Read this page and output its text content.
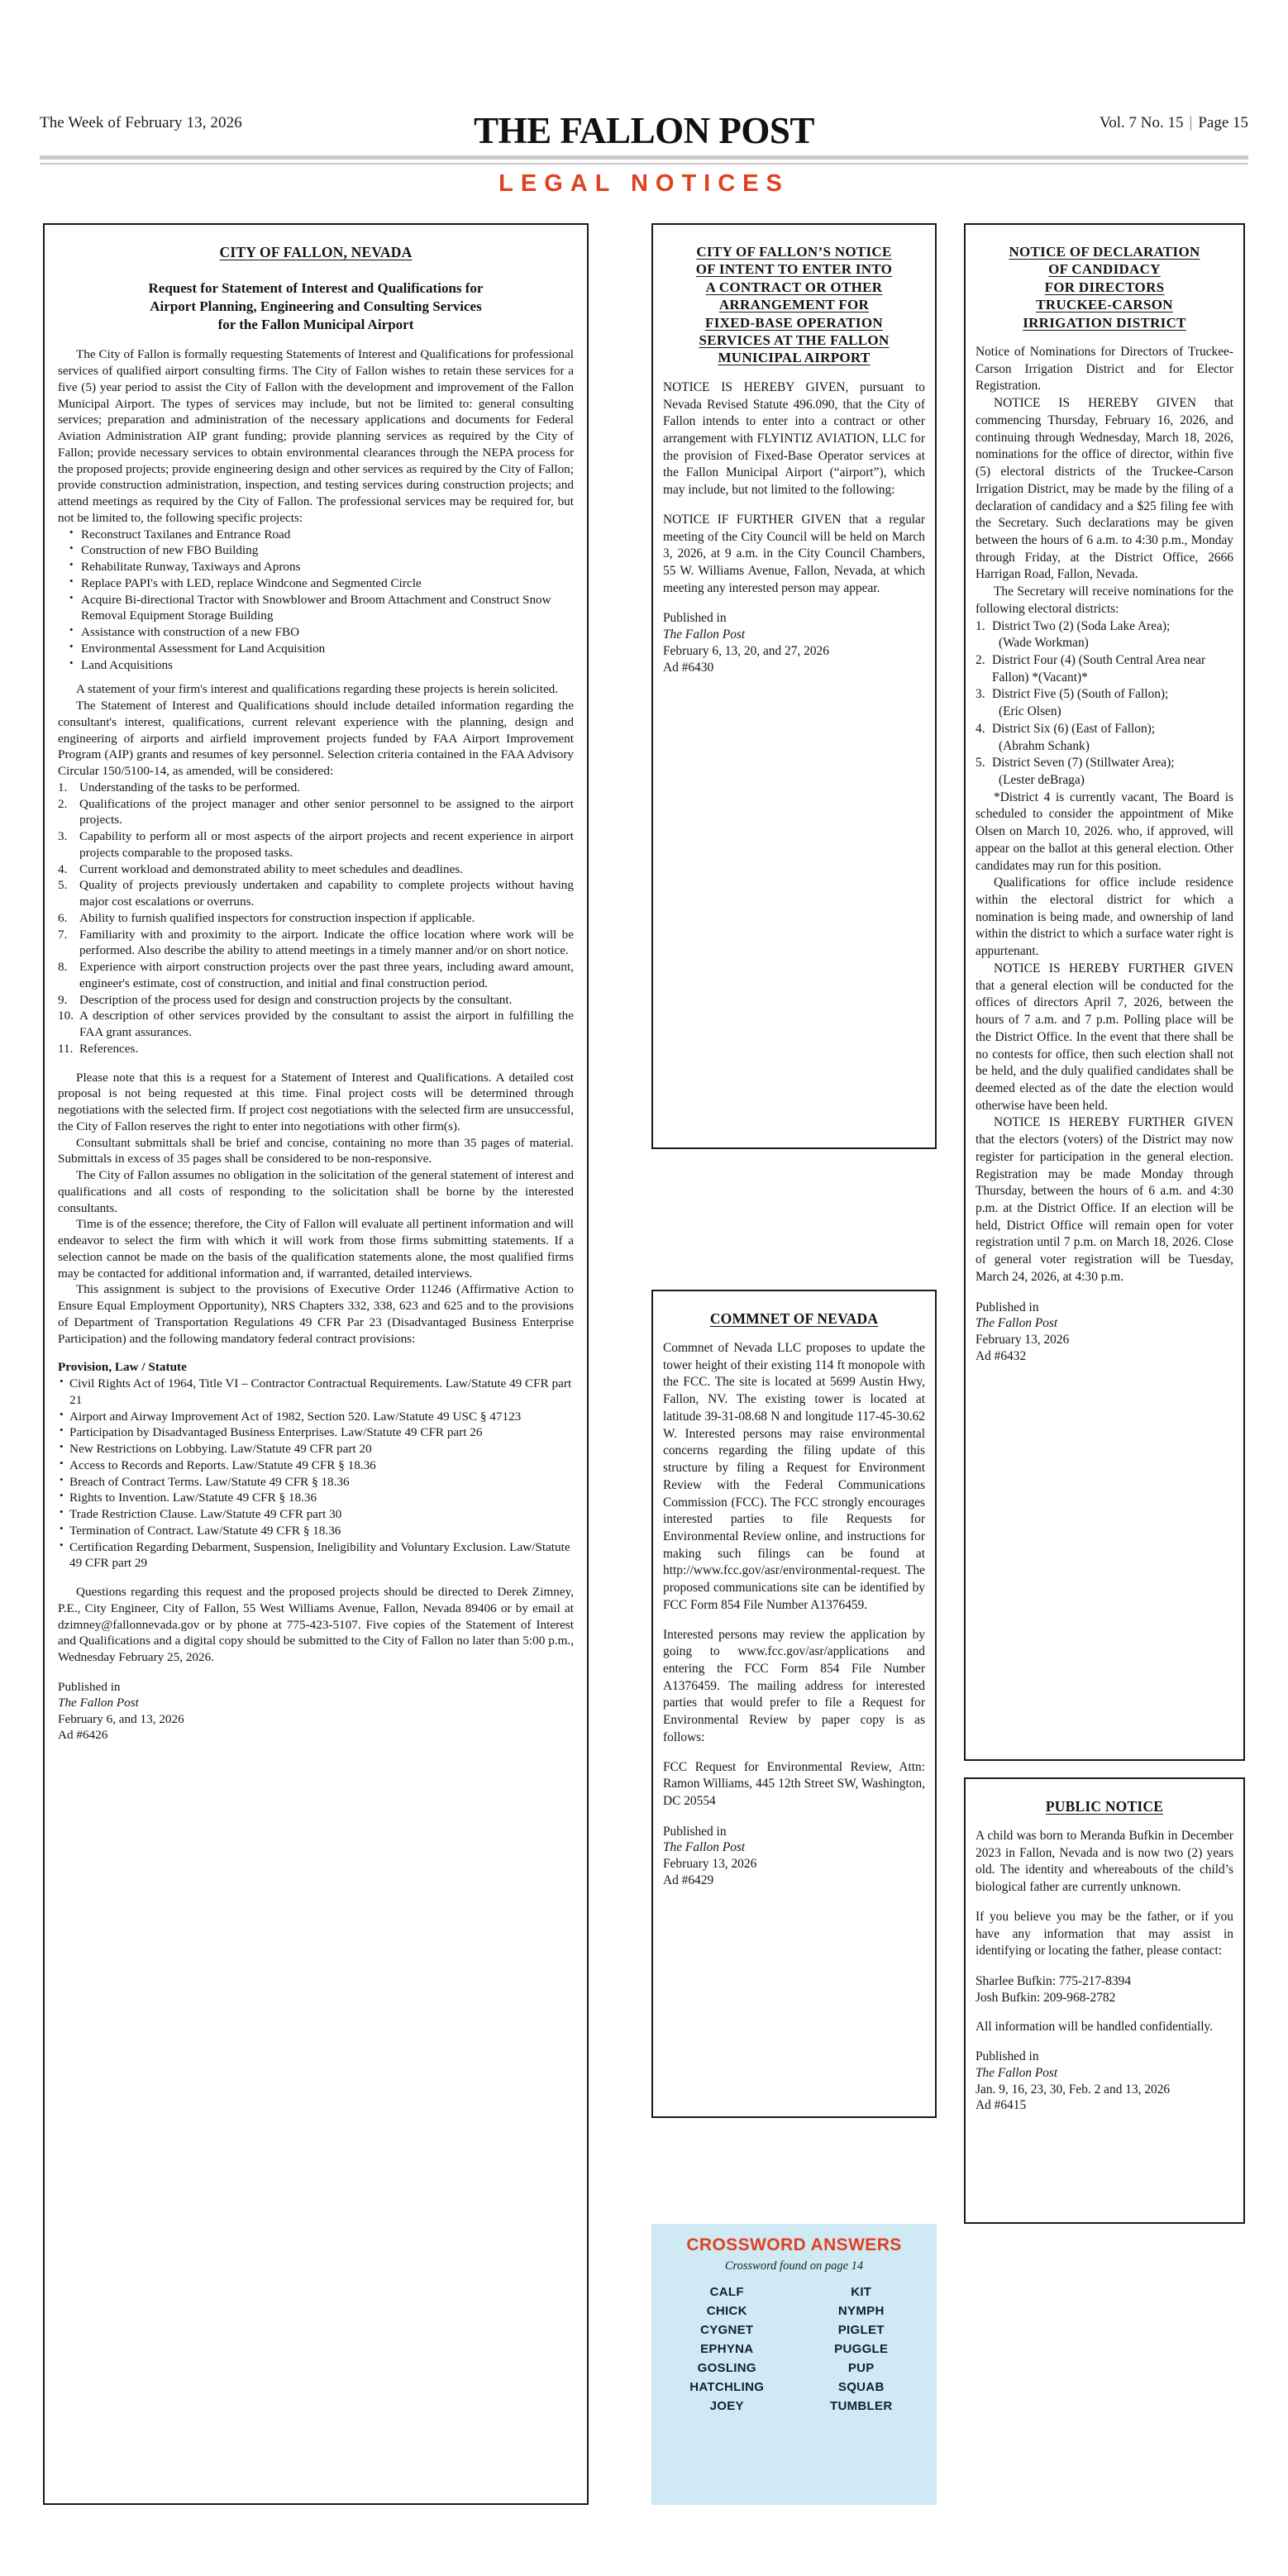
The Week of February 13, 2026	THE FALLON POST	Vol. 7 No. 15 | Page 15
LEGAL NOTICES
CITY OF FALLON, NEVADA
Request for Statement of Interest and Qualifications for
Airport Planning, Engineering and Consulting Services
for the Fallon Municipal Airport

The City of Fallon is formally requesting Statements of Interest and Qualifications for professional services of qualified airport consulting firms. The City of Fallon wishes to retain these services for a five (5) year period to assist the City of Fallon with the development and improvement of the Fallon Municipal Airport. The types of services may include, but not be limited to: general consulting services; preparation and administration of the necessary applications and documents for Federal Aviation Administration AIP grant funding; provide planning services as required by the City of Fallon; provide necessary services to obtain environmental clearances through the NEPA process for the proposed projects; provide engineering design and other services as required by the City of Fallon; provide construction administration, inspection, and testing services during construction projects; and attend meetings as required by the City of Fallon. The professional services may be required for, but not be limited to, the following specific projects:

• Reconstruct Taxilanes and Entrance Road
• Construction of new FBO Building
• Rehabilitate Runway, Taxiways and Aprons
• Replace PAPI's with LED, replace Windcone and Segmented Circle
• Acquire Bi-directional Tractor with Snowblower and Broom Attachment and Construct Snow Removal Equipment Storage Building
• Assistance with construction of a new FBO
• Environmental Assessment for Land Acquisition
• Land Acquisitions

A statement of your firm's interest and qualifications regarding these projects is herein solicited.

The Statement of Interest and Qualifications should include detailed information regarding the consultant's interest, qualifications, current relevant experience with the planning, design and engineering of airports and airfield improvement projects funded by FAA Airport Improvement Program (AIP) grants and resumes of key personnel. Selection criteria contained in the FAA Advisory Circular 150/5100-14, as amended, will be considered:

1. Understanding of the tasks to be performed.
2. Qualifications of the project manager and other senior personnel to be assigned to the airport projects.
3. Capability to perform all or most aspects of the airport projects and recent experience in airport projects comparable to the proposed tasks.
4. Current workload and demonstrated ability to meet schedules and deadlines.
5. Quality of projects previously undertaken and capability to complete projects without having major cost escalations or overruns.
6. Ability to furnish qualified inspectors for construction inspection if applicable.
7. Familiarity with and proximity to the airport. Indicate the office location where work will be performed. Also describe the ability to attend meetings in a timely manner and/or on short notice.
8. Experience with airport construction projects over the past three years, including award amount, engineer's estimate, cost of construction, and initial and final construction period.
9. Description of the process used for design and construction projects by the consultant.
10. A description of other services provided by the consultant to assist the airport in fulfilling the FAA grant assurances.
11. References.

Please note that this is a request for a Statement of Interest and Qualifications. A detailed cost proposal is not being requested at this time. Final project costs will be determined through negotiations with the selected firm. If project cost negotiations with the selected firm are unsuccessful, the City of Fallon reserves the right to enter into negotiations with other firm(s).

Consultant submittals shall be brief and concise, containing no more than 35 pages of material. Submittals in excess of 35 pages shall be considered to be non-responsive.

The City of Fallon assumes no obligation in the solicitation of the general statement of interest and qualifications and all costs of responding to the solicitation shall be borne by the interested consultants.

Time is of the essence; therefore, the City of Fallon will evaluate all pertinent information and will endeavor to select the firm with which it will work from those firms submitting statements. If a selection cannot be made on the basis of the qualification statements alone, the most qualified firms may be contacted for additional information and, if warranted, detailed interviews.

This assignment is subject to the provisions of Executive Order 11246 (Affirmative Action to Ensure Equal Employment Opportunity), NRS Chapters 332, 338, 623 and 625 and to the provisions of Department of Transportation Regulations 49 CFR Par 23 (Disadvantaged Business Enterprise Participation) and the following mandatory federal contract provisions:

Provision, Law / Statute

• Civil Rights Act of 1964, Title VI – Contractor Contractual Requirements. Law/Statute 49 CFR part 21
• Airport and Airway Improvement Act of 1982, Section 520. Law/Statute 49 USC § 47123
• Participation by Disadvantaged Business Enterprises. Law/Statute 49 CFR part 26
• New Restrictions on Lobbying. Law/Statute 49 CFR part 20
• Access to Records and Reports. Law/Statute 49 CFR § 18.36
• Breach of Contract Terms. Law/Statute 49 CFR § 18.36
• Rights to Invention. Law/Statute 49 CFR § 18.36
• Trade Restriction Clause. Law/Statute 49 CFR part 30
• Termination of Contract. Law/Statute 49 CFR § 18.36
• Certification Regarding Debarment, Suspension, Ineligibility and Voluntary Exclusion. Law/Statute 49 CFR part 29

Questions regarding this request and the proposed projects should be directed to Derek Zimney, P.E., City Engineer, City of Fallon, 55 West Williams Avenue, Fallon, Nevada 89406 or by email at dzimney@fallonnevada.gov or by phone at 775-423-5107. Five copies of the Statement of Interest and Qualifications and a digital copy should be submitted to the City of Fallon no later than 5:00 p.m., Wednesday February 25, 2026.

Published in
The Fallon Post
February 6, and 13, 2026
Ad #6426
CITY OF FALLON’S NOTICE
OF INTENT TO ENTER INTO
A CONTRACT OR OTHER
ARRANGEMENT FOR
FIXED-BASE OPERATION
SERVICES AT THE FALLON
MUNICIPAL AIRPORT

NOTICE IS HEREBY GIVEN, pursuant to Nevada Revised Statute 496.090, that the City of Fallon intends to enter into a contract or other arrangement with FLYINTIZ AVIATION, LLC for the provision of Fixed-Base Operator services at the Fallon Municipal Airport (“airport”), which may include, but not limited to the following:

NOTICE IF FURTHER GIVEN that a regular meeting of the City Council will be held on March 3, 2026, at 9 a.m. in the City Council Chambers, 55 W. Williams Avenue, Fallon, Nevada, at which meeting any interested person may appear.

Published in
The Fallon Post
February 6, 13, 20, and 27, 2026
Ad #6430
COMMNET OF NEVADA

Commnet of Nevada LLC proposes to update the tower height of their existing 114 ft monopole with the FCC. The site is located at 5699 Austin Hwy, Fallon, NV. The existing tower is located at latitude 39-31-08.68 N and longitude 117-45-30.62 W. Interested persons may raise environmental concerns regarding the filing update of this structure by filing a Request for Environment Review with the Federal Communications Commission (FCC). The FCC strongly encourages interested parties to file Requests for Environmental Review online, and instructions for making such filings can be found at http://www.fcc.gov/asr/environmental-request. The proposed communications site can be identified by FCC Form 854 File Number A1376459.

Interested persons may review the application by going to www.fcc.gov/asr/applications and entering the FCC Form 854 File Number A1376459. The mailing address for interested parties that would prefer to file a Request for Environmental Review by paper copy is as follows:

FCC Request for Environmental Review, Attn: Ramon Williams, 445 12th Street SW, Washington, DC 20554

Published in
The Fallon Post
February 13, 2026
Ad #6429
NOTICE OF DECLARATION
OF CANDIDACY
FOR DIRECTORS
TRUCKEE-CARSON
IRRIGATION DISTRICT

Notice of Nominations for Directors of Truckee-Carson Irrigation District and for Elector Registration.

NOTICE IS HEREBY GIVEN that commencing Thursday, February 16, 2026, and continuing through Wednesday, March 18, 2026, nominations for the office of director, within five (5) electoral districts of the Truckee-Carson Irrigation District, may be made by the filing of a declaration of candidacy and a $25 filing fee with the Secretary. Such declarations may be given between the hours of 6 a.m. to 4:30 p.m., Monday through Friday, at the District Office, 2666 Harrigan Road, Fallon, Nevada.

The Secretary will receive nominations for the following electoral districts:

1. District Two (2) (Soda Lake Area);
(Wade Workman)
2. District Four (4) (South Central Area near Fallon) *(Vacant)*
3. District Five (5) (South of Fallon);
(Eric Olsen)
4. District Six (6) (East of Fallon);
(Abrahm Schank)
5. District Seven (7) (Stillwater Area);
(Lester deBraga)

*District 4 is currently vacant, The Board is scheduled to consider the appointment of Mike Olsen on March 10, 2026. who, if approved, will appear on the ballot at this general election. Other candidates may run for this position.

Qualifications for office include residence within the electoral district for which a nomination is being made, and ownership of land within the district to which a surface water right is appurtenant.

NOTICE IS HEREBY FURTHER GIVEN that a general election will be conducted for the offices of directors April 7, 2026, between the hours of 7 a.m. and 7 p.m. Polling place will be the District Office. In the event that there shall be no contests for office, then such election shall not be held, and the duly qualified candidates shall be deemed elected as of the date the election would otherwise have been held.

NOTICE IS HEREBY FURTHER GIVEN that the electors (voters) of the District may now register for participation in the general election. Registration may be made Monday through Thursday, between the hours of 6 a.m. and 4:30 p.m. at the District Office. If an election will be held, District Office will remain open for voter registration until 7 p.m. on March 18, 2026. Close of general voter registration will be Tuesday, March 24, 2026, at 4:30 p.m.

Published in
The Fallon Post
February 13, 2026
Ad #6432
PUBLIC NOTICE

A child was born to Meranda Bufkin in December 2023 in Fallon, Nevada and is now two (2) years old. The identity and whereabouts of the child’s biological father are currently unknown.

If you believe you may be the father, or if you have any information that may assist in identifying or locating the father, please contact:

Sharlee Bufkin: 775-217-8394
Josh Bufkin: 209-968-2782

All information will be handled confidentially.

Published in
The Fallon Post
Jan. 9, 16, 23, 30, Feb. 2 and 13, 2026
Ad #6415
CROSSWORD ANSWERS
Crossword found on page 14
CALF	KIT
CHICK	NYMPH
CYGNET	PIGLET
EPHYNA	PUGGLE
GOSLING	PUP
HATCHLING	SQUAB
JOEY	TUMBLER
